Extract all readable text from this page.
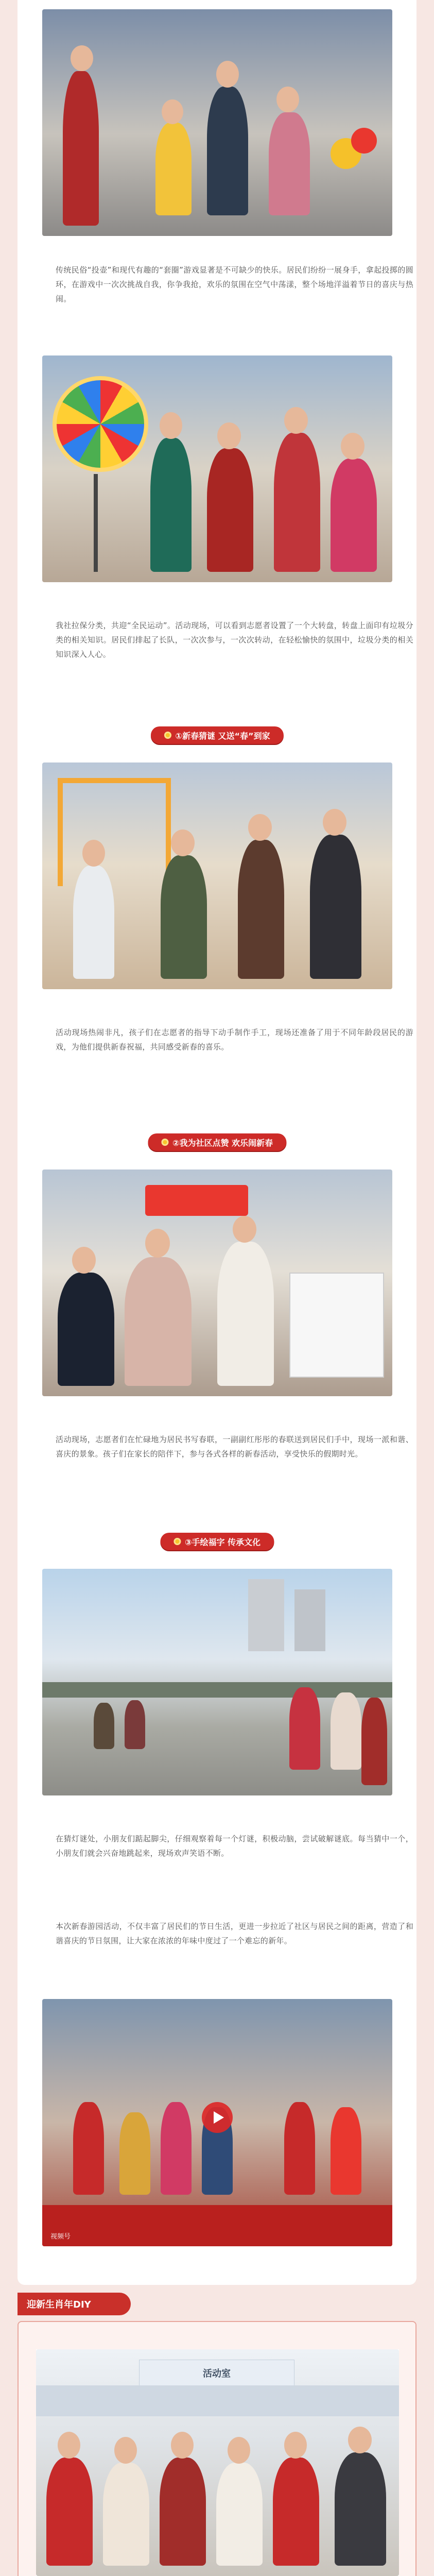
传统民俗“投壶”和现代有趣的“套圈”游戏显著是不可缺少的快乐。居民们纷纷一展身手，拿起投掷的圆环，在游戏中一次次挑战自我，你争我抢，欢乐的氛围在空气中荡漾，整个场地洋溢着节日的喜庆与热闹。

我社拉保分类，共迎“全民运动”。活动现场，可以看到志愿者设置了一个大转盘，转盘上面印有垃圾分类的相关知识。居民们排起了长队，一次次参与，一次次转动，在轻松愉快的氛围中，垃圾分类的相关知识深入人心。

①新春猜谜 又送“春”到家

活动现场热闹非凡，孩子们在志愿者的指导下动手制作手工，现场还准备了用于不同年龄段居民的游戏，为他们提供新春祝福，共同感受新春的喜乐。

②我为社区点赞 欢乐闹新春

活动现场，志愿者们在忙碌地为居民书写春联，一副副红彤彤的春联送到居民们手中，现场一派和谐、喜庆的景象。孩子们在家长的陪伴下，参与各式各样的新春活动，享受快乐的假期时光。

③手绘福字 传承文化

在猜灯谜处，小朋友们踮起脚尖，仔细观察着每一个灯谜，积极动脑，尝试破解谜底。每当猜中一个，小朋友们就会兴奋地跳起来，现场欢声笑语不断。

本次新春游园活动，不仅丰富了居民们的节日生活，更进一步拉近了社区与居民之间的距离，营造了和谐喜庆的节日氛围，让大家在浓浓的年味中度过了一个难忘的新年。

视频号
迎新生肖年DIY
活动室
